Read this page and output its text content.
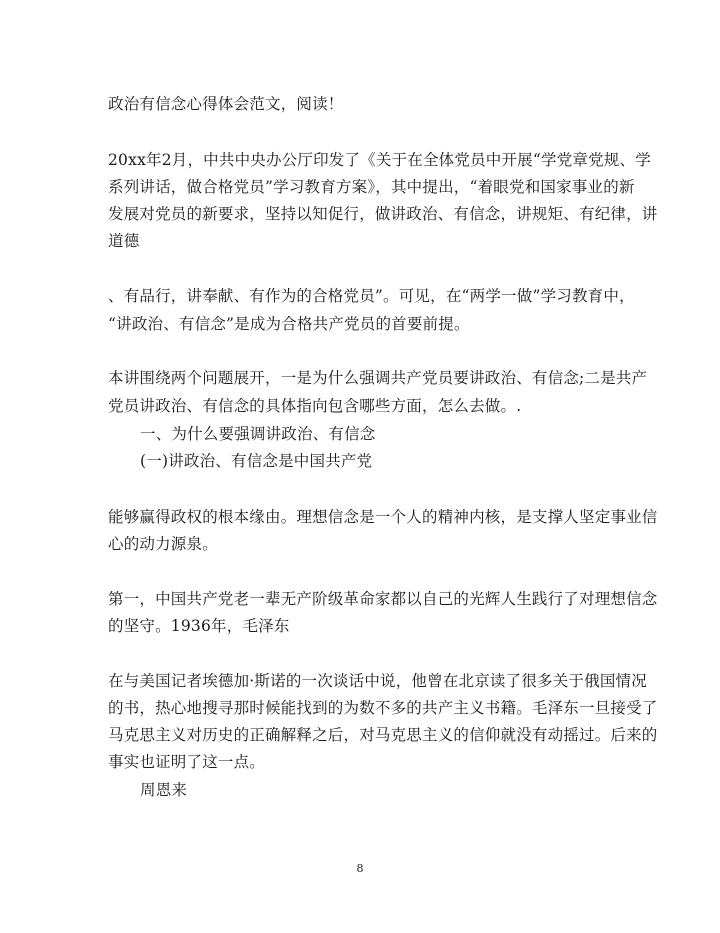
政治有信念心得体会范文，阅读！
20xx年2月，中共中央办公厅印发了《关于在全体党员中开展“学党章党规、学
系列讲话，做合格党员”学习教育方案》，其中提出，“着眼党和国家事业的新
发展对党员的新要求，坚持以知促行，做讲政治、有信念，讲规矩、有纪律，讲
道德
、有品行，讲奉献、有作为的合格党员”。可见，在“两学一做”学习教育中，
“讲政治、有信念”是成为合格共产党员的首要前提。
本讲围绕两个问题展开，一是为什么强调共产党员要讲政治、有信念;二是共产
党员讲政治、有信念的具体指向包含哪些方面，怎么去做。.
一、为什么要强调讲政治、有信念
(一)讲政治、有信念是中国共产党
能够赢得政权的根本缘由。理想信念是一个人的精神内核，是支撑人坚定事业信
心的动力源泉。
第一，中国共产党老一辈无产阶级革命家都以自己的光辉人生践行了对理想信念
的坚守。1936年，毛泽东
在与美国记者埃德加·斯诺的一次谈话中说，他曾在北京读了很多关于俄国情况
的书，热心地搜寻那时候能找到的为数不多的共产主义书籍。毛泽东一旦接受了
马克思主义对历史的正确解释之后，对马克思主义的信仰就没有动摇过。后来的
事实也证明了这一点。
周恩来
8
